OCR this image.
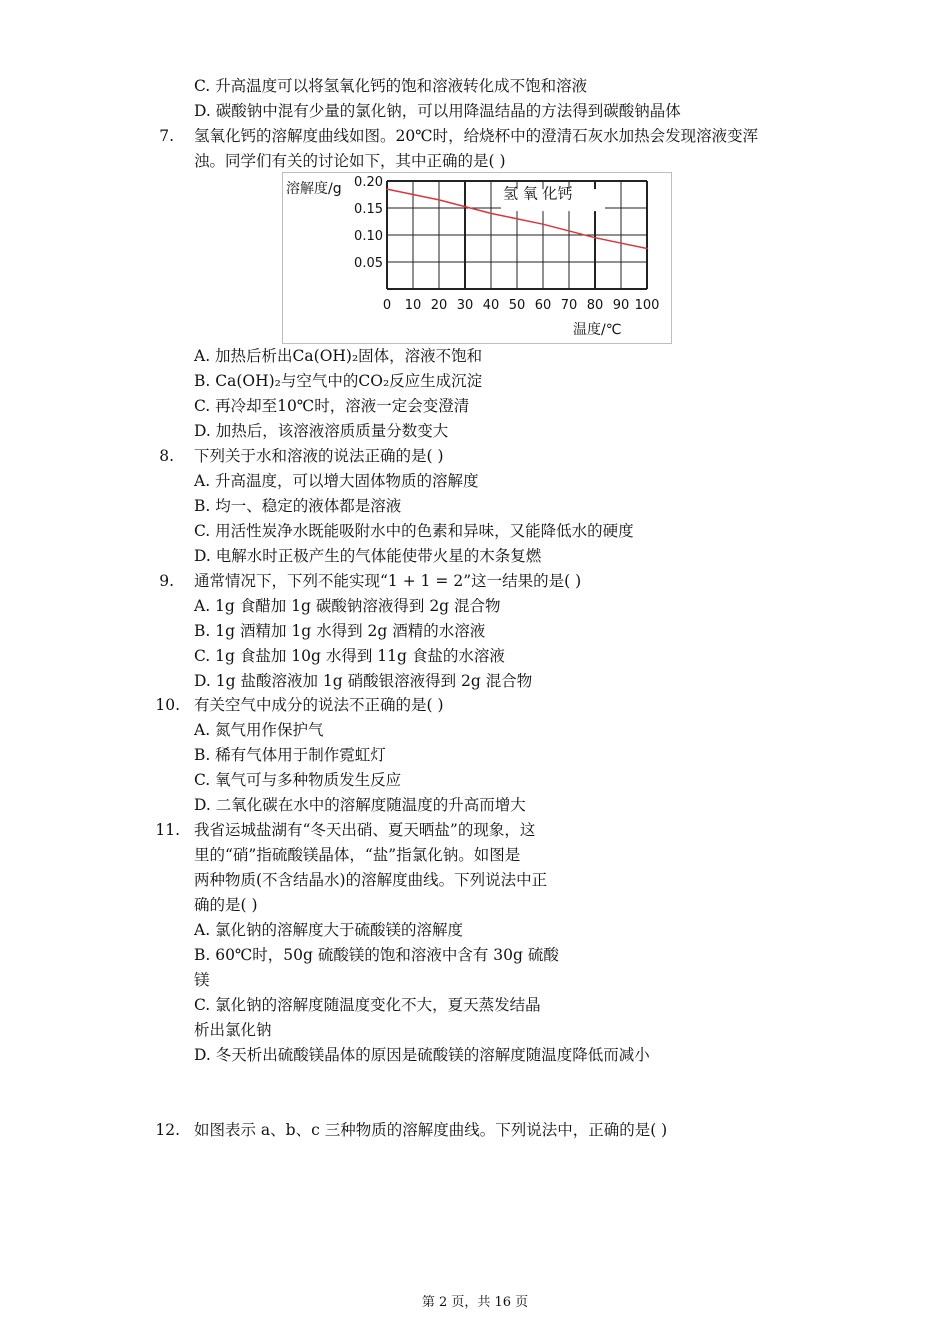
C. 升高温度可以将氢氧化钙的饱和溶液转化成不饱和溶液
D. 碳酸钠中混有少量的氯化钠，可以用降温结晶的方法得到碳酸钠晶体
7. 氢氧化钙的溶解度曲线如图。20℃时，给烧杯中的澄清石灰水加热会发现溶液变浑
浊。同学们有关的讨论如下，其中正确的是( )
0 10 20 30 40 50 60 70 80 90 100
0.20
0.15
0.10
0.05
溶解度/g
温度/℃
氢 氧 化钙
A. 加热后析出Ca(OH)₂固体，溶液不饱和
B. Ca(OH)₂与空气中的CO₂反应生成沉淀
C. 再冷却至10℃时，溶液一定会变澄清
D. 加热后，该溶液溶质质量分数变大
8. 下列关于水和溶液的说法正确的是( )
A. 升高温度，可以增大固体物质的溶解度
B. 均一、稳定的液体都是溶液
C. 用活性炭净水既能吸附水中的色素和异味，又能降低水的硬度
D. 电解水时正极产生的气体能使带火星的木条复燃
9. 通常情况下，下列不能实现“1 + 1 = 2”这一结果的是( )
A. 1g 食醋加 1g 碳酸钠溶液得到 2g 混合物
B. 1g 酒精加 1g 水得到 2g 酒精的水溶液
C. 1g 食盐加 10g 水得到 11g 食盐的水溶液
D. 1g 盐酸溶液加 1g 硝酸银溶液得到 2g 混合物
10. 有关空气中成分的说法不正确的是( )
A. 氮气用作保护气
B. 稀有气体用于制作霓虹灯
C. 氧气可与多种物质发生反应
D. 二氧化碳在水中的溶解度随温度的升高而增大
11. 我省运城盐湖有“冬天出硝、夏天晒盐”的现象，这
里的“硝”指硫酸镁晶体，“盐”指氯化钠。如图是
两种物质(不含结晶水)的溶解度曲线。下列说法中正
确的是( )
A. 氯化钠的溶解度大于硫酸镁的溶解度
B. 60℃时，50g 硫酸镁的饱和溶液中含有 30g 硫酸
镁
C. 氯化钠的溶解度随温度变化不大，夏天蒸发结晶
析出氯化钠
D. 冬天析出硫酸镁晶体的原因是硫酸镁的溶解度随温度降低而减小
12. 如图表示 a、b、c 三种物质的溶解度曲线。下列说法中，正确的是( )
第 2 页，共 16 页
